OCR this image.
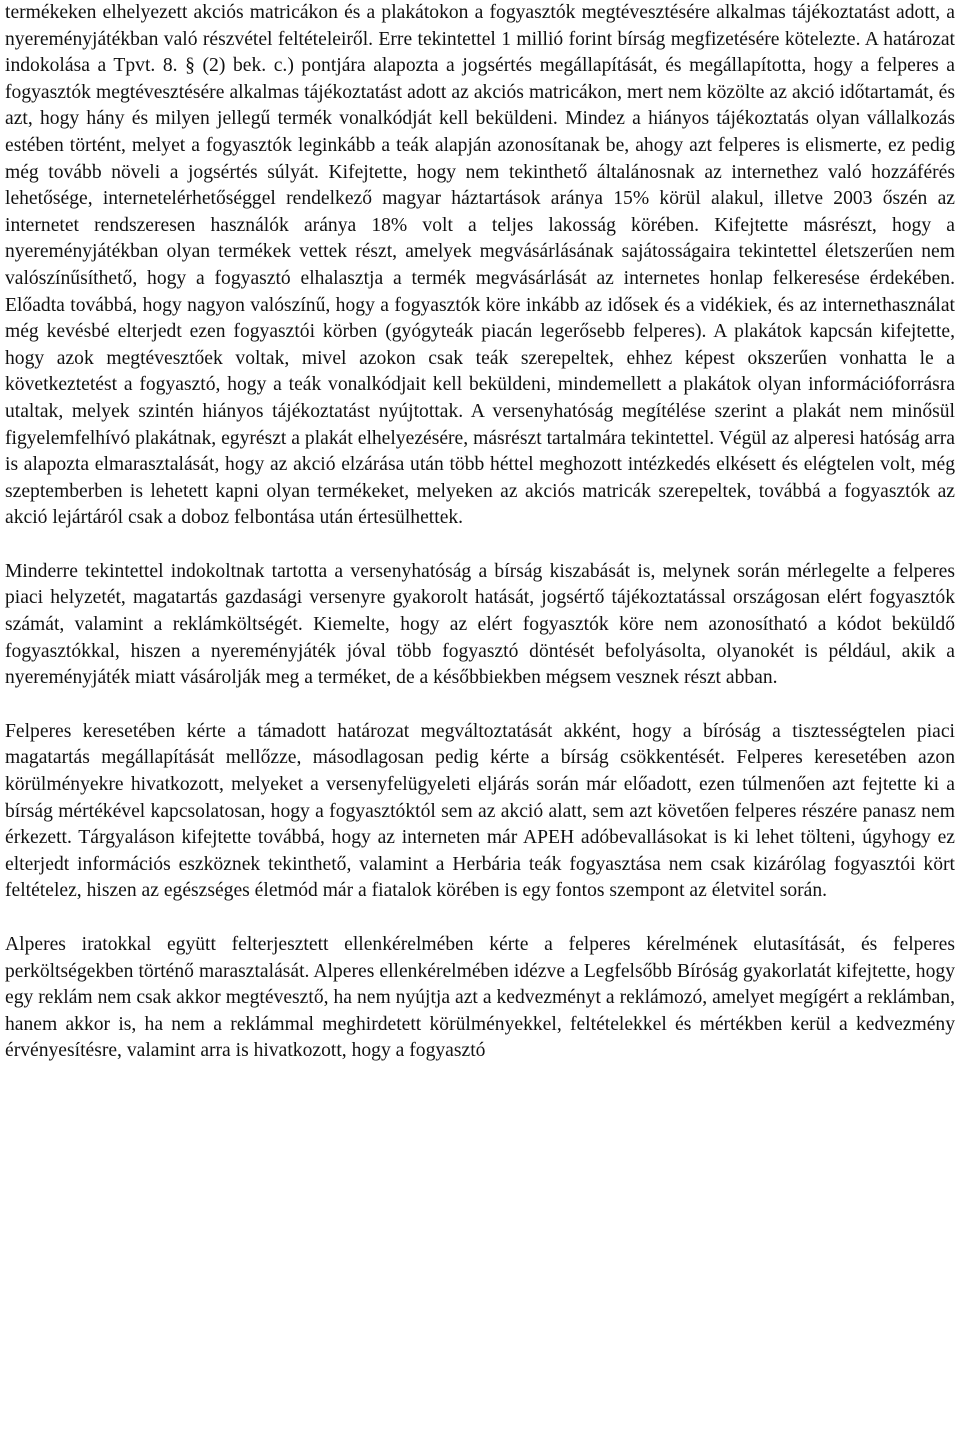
termékeken elhelyezett akciós matricákon és a plakátokon a fogyasztók megtévesztésére alkalmas tájékoztatást adott, a nyereményjátékban való részvétel feltételeiről. Erre tekintettel 1 millió forint bírság megfizetésére kötelezte. A határozat indokolása a Tpvt. 8. § (2) bek. c.) pontjára alapozta a jogsértés megállapítását, és megállapította, hogy a felperes a fogyasztók megtévesztésére alkalmas tájékoztatást adott az akciós matricákon, mert nem közölte az akció időtartamát, és azt, hogy hány és milyen jellegű termék vonalkódját kell beküldeni. Mindez a hiányos tájékoztatás olyan vállalkozás estében történt, melyet a fogyasztók leginkább a teák alapján azonosítanak be, ahogy azt felperes is elismerte, ez pedig még tovább növeli a jogsértés súlyát. Kifejtette, hogy nem tekinthető általánosnak az internethez való hozzáférés lehetősége, internetelérhetőséggel rendelkező magyar háztartások aránya 15% körül alakul, illetve 2003 őszén az internetet rendszeresen használók aránya 18% volt a teljes lakosság körében. Kifejtette másrészt, hogy a nyereményjátékban olyan termékek vettek részt, amelyek megvásárlásának sajátosságaira tekintettel életszerűen nem valószínűsíthető, hogy a fogyasztó elhalasztja a termék megvásárlását az internetes honlap felkeresése érdekében. Előadta továbbá, hogy nagyon valószínű, hogy a fogyasztók köre inkább az idősek és a vidékiek, és az internethasználat még kevésbé elterjedt ezen fogyasztói körben (gyógyteák piacán legerősebb felperes). A plakátok kapcsán kifejtette, hogy azok megtévesztőek voltak, mivel azokon csak teák szerepeltek, ehhez képest okszerűen vonhatta le a következtetést a fogyasztó, hogy a teák vonalkódjait kell beküldeni, mindemellett a plakátok olyan információforrásra utaltak, melyek szintén hiányos tájékoztatást nyújtottak. A versenyhatóság megítélése szerint a plakát nem minősül figyelemfelhívó plakátnak, egyrészt a plakát elhelyezésére, másrészt tartalmára tekintettel. Végül az alperesi hatóság arra is alapozta elmarasztalását, hogy az akció elzárása után több héttel meghozott intézkedés elkésett és elégtelen volt, még szeptemberben is lehetett kapni olyan termékeket, melyeken az akciós matricák szerepeltek, továbbá a fogyasztók az akció lejártáról csak a doboz felbontása után értesülhettek.

Minderre tekintettel indokoltnak tartotta a versenyhatóság a bírság kiszabását is, melynek során mérlegelte a felperes piaci helyzetét, magatartás gazdasági versenyre gyakorolt hatását, jogsértő tájékoztatással országosan elért fogyasztók számát, valamint a reklámköltségét. Kiemelte, hogy az elért fogyasztók köre nem azonosítható a kódot beküldő fogyasztókkal, hiszen a nyereményjáték jóval több fogyasztó döntését befolyásolta, olyanokét is például, akik a nyereményjáték miatt vásárolják meg a terméket, de a későbbiekben mégsem vesznek részt abban.

Felperes keresetében kérte a támadott határozat megváltoztatását akként, hogy a bíróság a tisztességtelen piaci magatartás megállapítását mellőzze, másodlagosan pedig kérte a bírság csökkentését. Felperes keresetében azon körülményekre hivatkozott, melyeket a versenyfelügyeleti eljárás során már előadott, ezen túlmenően azt fejtette ki a bírság mértékével kapcsolatosan, hogy a fogyasztóktól sem az akció alatt, sem azt követően felperes részére panasz nem érkezett. Tárgyaláson kifejtette továbbá, hogy az interneten már APEH adóbevallásokat is ki lehet tölteni, úgyhogy ez elterjedt információs eszköznek tekinthető, valamint a Herbária teák fogyasztása nem csak kizárólag fogyasztói kört feltételez, hiszen az egészséges életmód már a fiatalok körében is egy fontos szempont az életvitel során.

Alperes iratokkal együtt felterjesztett ellenkérelmében kérte a felperes kérelmének elutasítását, és felperes perköltségekben történő marasztalását. Alperes ellenkérelmében idézve a Legfelsőbb Bíróság gyakorlatát kifejtette, hogy egy reklám nem csak akkor megtévesztő, ha nem nyújtja azt a kedvezményt a reklámozó, amelyet megígért a reklámban, hanem akkor is, ha nem a reklámmal meghirdetett körülményekkel, feltételekkel és mértékben kerül a kedvezmény érvényesítésre, valamint arra is hivatkozott, hogy a fogyasztó
